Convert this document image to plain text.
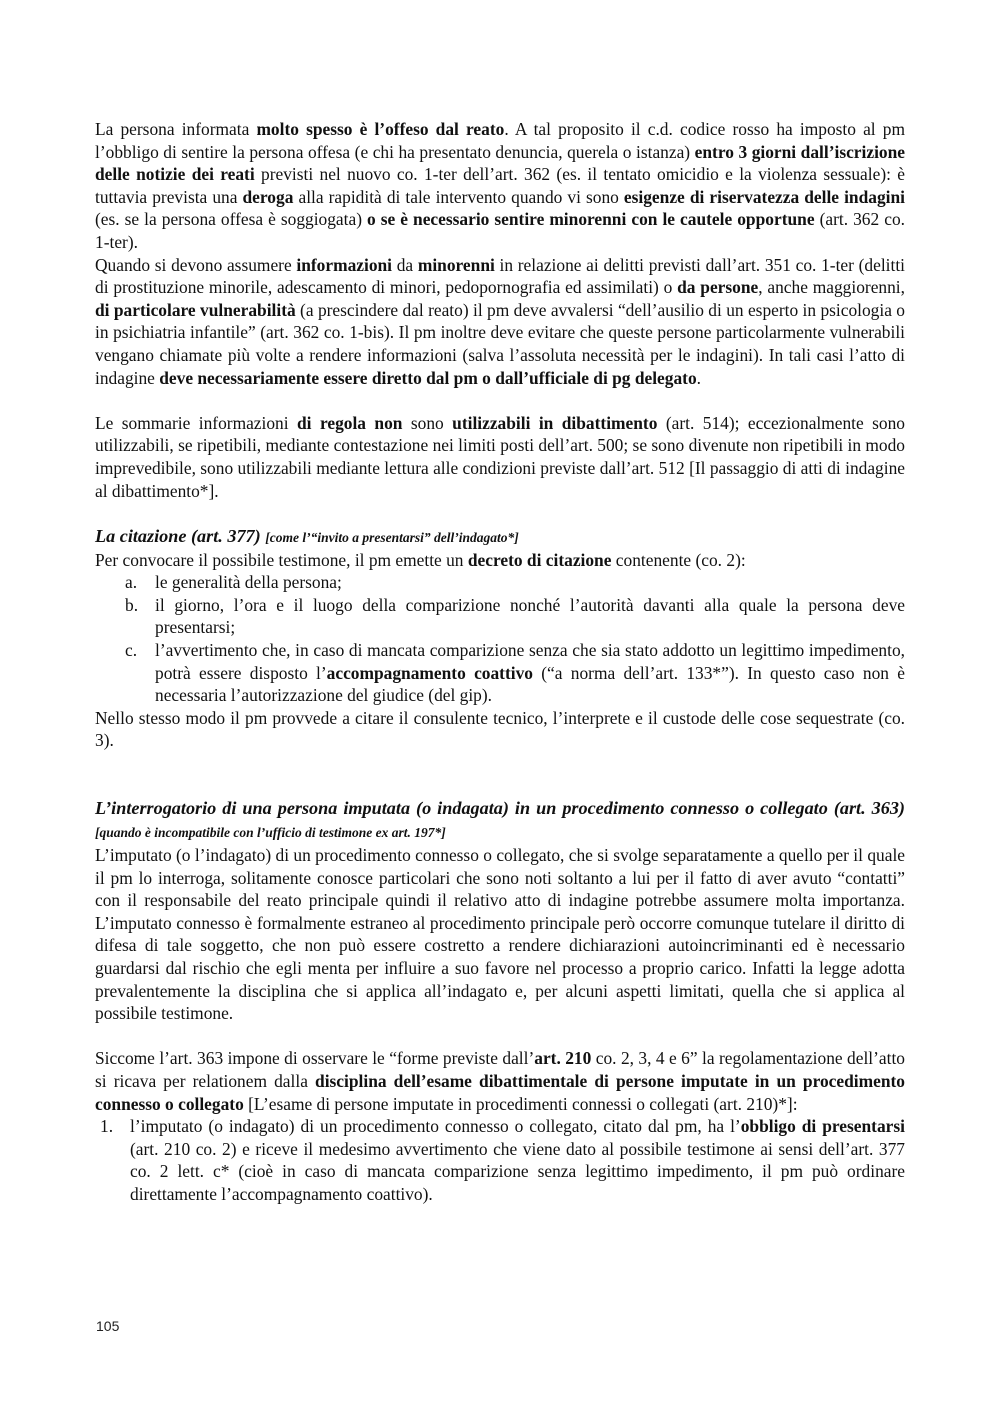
La persona informata molto spesso è l’offeso dal reato. A tal proposito il c.d. codice rosso ha imposto al pm l’obbligo di sentire la persona offesa (e chi ha presentato denuncia, querela o istanza) entro 3 giorni dall’iscrizione delle notizie dei reati previsti nel nuovo co. 1-ter dell’art. 362 (es. il tentato omicidio e la violenza sessuale): è tuttavia prevista una deroga alla rapidità di tale intervento quando vi sono esigenze di riservatezza delle indagini (es. se la persona offesa è soggiogata) o se è necessario sentire minorenni con le cautele opportune (art. 362 co. 1-ter).

Quando si devono assumere informazioni da minorenni in relazione ai delitti previsti dall’art. 351 co. 1-ter (delitti di prostituzione minorile, adescamento di minori, pedopornografia ed assimilati) o da persone, anche maggiorenni, di particolare vulnerabilità (a prescindere dal reato) il pm deve avvalersi “dell’ausilio di un esperto in psicologia o in psichiatria infantile” (art. 362 co. 1-bis). Il pm inoltre deve evitare che queste persone particolarmente vulnerabili vengano chiamate più volte a rendere informazioni (salva l’assoluta necessità per le indagini). In tali casi l’atto di indagine deve necessariamente essere diretto dal pm o dall’ufficiale di pg delegato.

Le sommarie informazioni di regola non sono utilizzabili in dibattimento (art. 514); eccezionalmente sono utilizzabili, se ripetibili, mediante contestazione nei limiti posti dell’art. 500; se sono divenute non ripetibili in modo imprevedibile, sono utilizzabili mediante lettura alle condizioni previste dall’art. 512 [Il passaggio di atti di indagine al dibattimento*].

La citazione (art. 377) [come l’“invito a presentarsi” dell’indagato*]

Per convocare il possibile testimone, il pm emette un decreto di citazione contenente (co. 2):

a. le generalità della persona;
b. il giorno, l’ora e il luogo della comparizione nonché l’autorità davanti alla quale la persona deve presentarsi;
c. l’avvertimento che, in caso di mancata comparizione senza che sia stato addotto un legittimo impedimento, potrà essere disposto l’accompagnamento coattivo (“a norma dell’art. 133*”). In questo caso non è necessaria l’autorizzazione del giudice (del gip).

Nello stesso modo il pm provvede a citare il consulente tecnico, l’interprete e il custode delle cose sequestrate (co. 3).

L’interrogatorio di una persona imputata (o indagata) in un procedimento connesso o collegato (art. 363) [quando è incompatibile con l’ufficio di testimone ex art. 197*]

L’imputato (o l’indagato) di un procedimento connesso o collegato, che si svolge separatamente a quello per il quale il pm lo interroga, solitamente conosce particolari che sono noti soltanto a lui per il fatto di aver avuto “contatti” con il responsabile del reato principale quindi il relativo atto di indagine potrebbe assumere molta importanza. L’imputato connesso è formalmente estraneo al procedimento principale però occorre comunque tutelare il diritto di difesa di tale soggetto, che non può essere costretto a rendere dichiarazioni autoincriminanti ed è necessario guardarsi dal rischio che egli menta per influire a suo favore nel processo a proprio carico. Infatti la legge adotta prevalentemente la disciplina che si applica all’indagato e, per alcuni aspetti limitati, quella che si applica al possibile testimone.

Siccome l’art. 363 impone di osservare le “forme previste dall’art. 210 co. 2, 3, 4 e 6” la regolamentazione dell’atto si ricava per relationem dalla disciplina dell’esame dibattimentale di persone imputate in un procedimento connesso o collegato [L’esame di persone imputate in procedimenti connessi o collegati (art. 210)*]:

1. l’imputato (o indagato) di un procedimento connesso o collegato, citato dal pm, ha l’obbligo di presentarsi (art. 210 co. 2) e riceve il medesimo avvertimento che viene dato al possibile testimone ai sensi dell’art. 377 co. 2 lett. c* (cioè in caso di mancata comparizione senza legittimo impedimento, il pm può ordinare direttamente l’accompagnamento coattivo).
105
